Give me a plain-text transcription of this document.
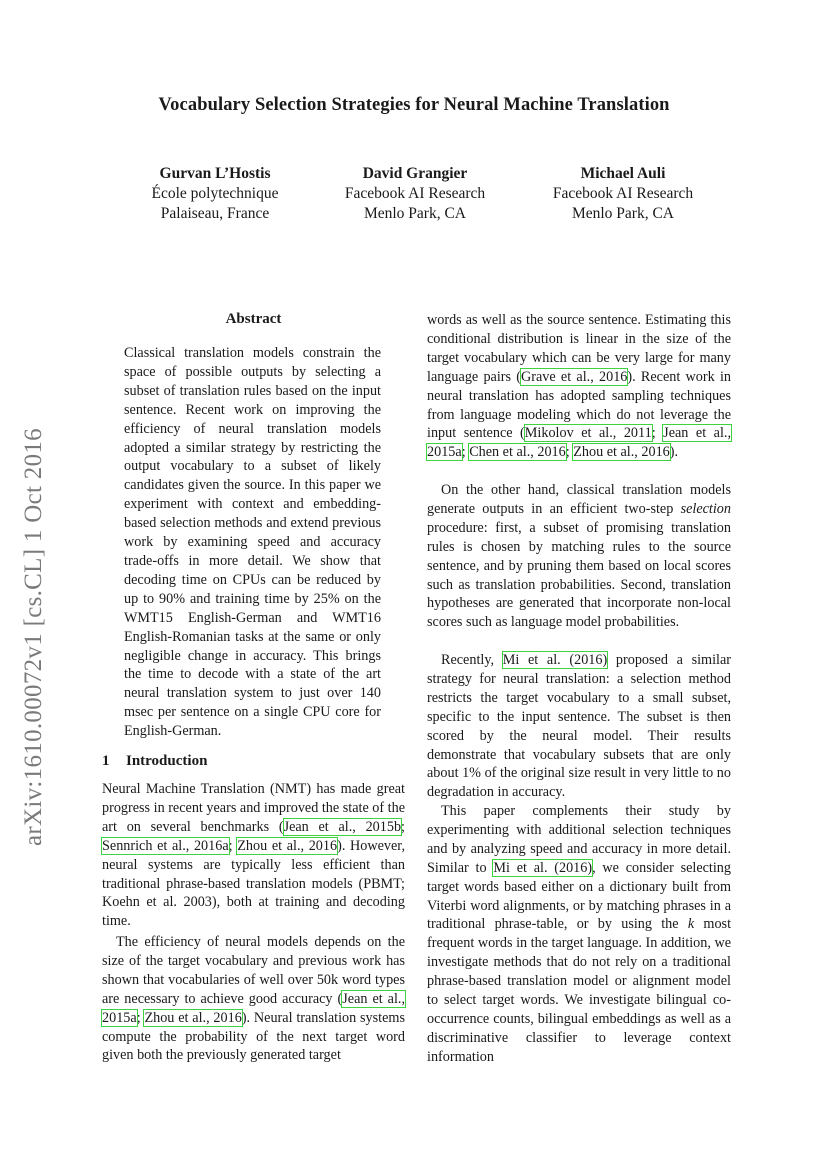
Vocabulary Selection Strategies for Neural Machine Translation
Gurvan L’Hostis
École polytechnique
Palaiseau, France
David Grangier
Facebook AI Research
Menlo Park, CA
Michael Auli
Facebook AI Research
Menlo Park, CA
arXiv:1610.00072v1 [cs.CL] 1 Oct 2016
Abstract

Classical translation models constrain the space of possible outputs by selecting a subset of translation rules based on the input sentence. Recent work on improving the efficiency of neural translation models adopted a similar strategy by restricting the output vocabulary to a subset of likely candidates given the source. In this paper we experiment with context and embedding-based selection methods and extend previous work by examining speed and accuracy trade-offs in more detail. We show that decoding time on CPUs can be reduced by up to 90% and training time by 25% on the WMT15 English-German and WMT16 English-Romanian tasks at the same or only negligible change in accuracy. This brings the time to decode with a state of the art neural translation system to just over 140 msec per sentence on a single CPU core for English-German.

1 Introduction

Neural Machine Translation (NMT) has made great progress in recent years and improved the state of the art on several benchmarks (Jean et al., 2015b; Sennrich et al., 2016a; Zhou et al., 2016). However, neural systems are typically less efficient than traditional phrase-based translation models (PBMT; Koehn et al. 2003), both at training and decoding time.

The efficiency of neural models depends on the size of the target vocabulary and previous work has shown that vocabularies of well over 50k word types are necessary to achieve good accuracy (Jean et al., 2015a; Zhou et al., 2016). Neural translation systems compute the probability of the next target word given both the previously generated target

words as well as the source sentence. Estimating this conditional distribution is linear in the size of the target vocabulary which can be very large for many language pairs (Grave et al., 2016). Recent work in neural translation has adopted sampling techniques from language modeling which do not leverage the input sentence (Mikolov et al., 2011; Jean et al., 2015a; Chen et al., 2016; Zhou et al., 2016).

On the other hand, classical translation models generate outputs in an efficient two-step selection procedure: first, a subset of promising translation rules is chosen by matching rules to the source sentence, and by pruning them based on local scores such as translation probabilities. Second, translation hypotheses are generated that incorporate non-local scores such as language model probabilities.

Recently, Mi et al. (2016) proposed a similar strategy for neural translation: a selection method restricts the target vocabulary to a small subset, specific to the input sentence. The subset is then scored by the neural model. Their results demonstrate that vocabulary subsets that are only about 1% of the original size result in very little to no degradation in accuracy.

This paper complements their study by experimenting with additional selection techniques and by analyzing speed and accuracy in more detail. Similar to Mi et al. (2016), we consider selecting target words based either on a dictionary built from Viterbi word alignments, or by matching phrases in a traditional phrase-table, or by using the k most frequent words in the target language. In addition, we investigate methods that do not rely on a traditional phrase-based translation model or alignment model to select target words. We investigate bilingual co-occurrence counts, bilingual embeddings as well as a discriminative classifier to leverage context information
